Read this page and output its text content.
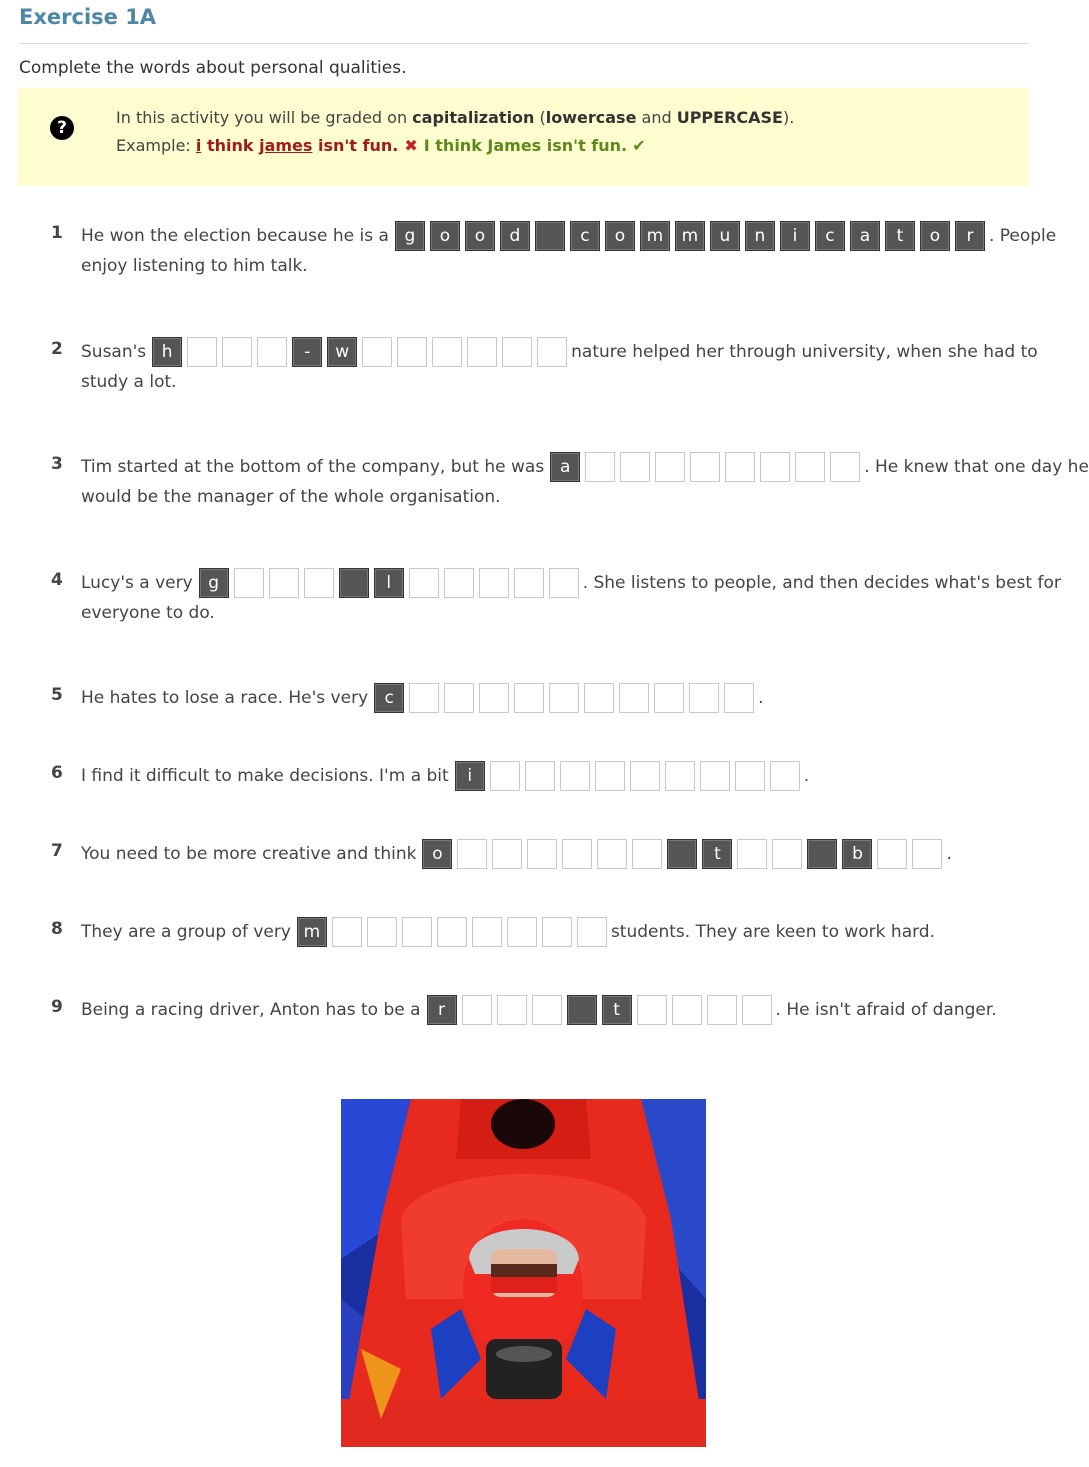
Exercise 1A
Complete the words about personal qualities.
?
In this activity you will be graded on capitalization (lowercase and UPPERCASE).
Example: i think james isn't fun. ✖ I think James isn't fun. ✔
1 He won the election because he is a g	o	o	d	c	o	m	m	u	n	i	c	a	t	o	r . People
enjoy listening to him talk.
2 Susan's h	-	w	nature helped her through university, when she had to
study a lot.
3 Tim started at the bottom of the company, but he was a	. He knew that one day he
would be the manager of the whole organisation.
4 Lucy's a very g	l	. She listens to people, and then decides what's best for
everyone to do.
5 He hates to lose a race. He's very c	.
6 I find it difficult to make decisions. I'm a bit	i	.
7 You need to be more creative and think o	t	b	.
8 They are a group of very m	students. They are keen to work hard.
9 Being a racing driver, Anton has to be a	r	t	. He isn't afraid of danger.
